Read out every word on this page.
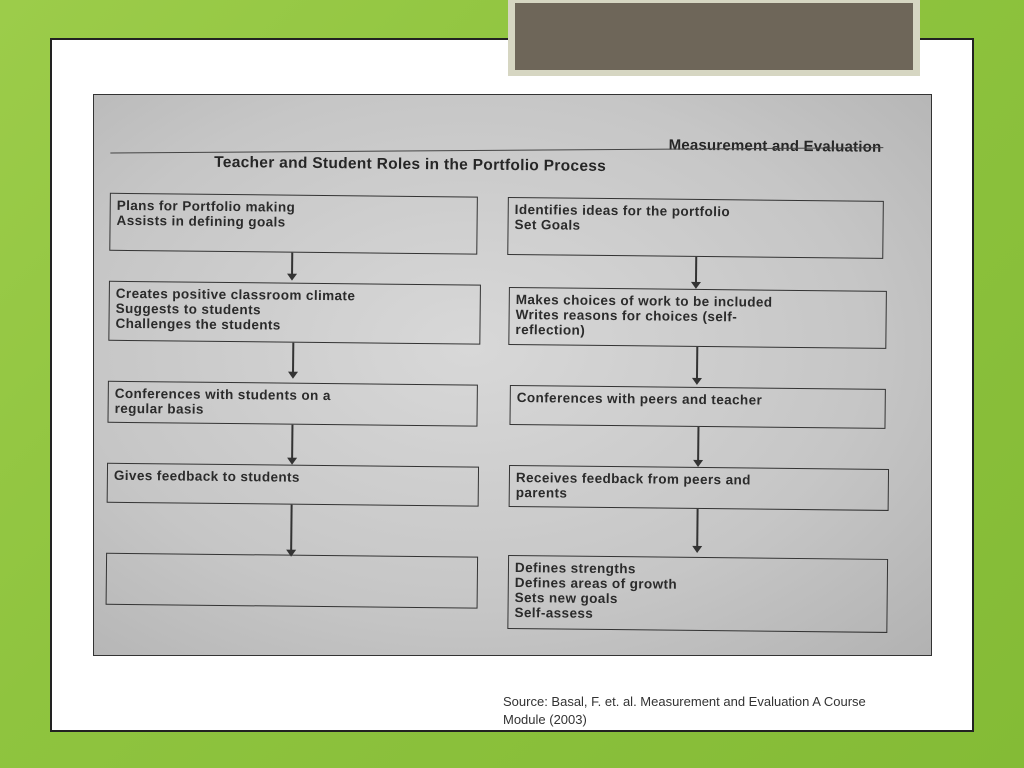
Measurement and Evaluation
Teacher and Student Roles in the Portfolio Process
Plans for Portfolio making
Assists in defining goals
Creates positive classroom climate
Suggests to students
Challenges the students
Conferences with students on a
regular basis
Gives feedback to students
Identifies ideas for the portfolio
Set Goals
Makes choices of work to be included
Writes reasons for choices (self-
reflection)
Conferences with peers and teacher
Receives feedback from peers and
parents
Defines strengths
Defines areas of growth
Sets new goals
Self-assess
Source: Basal, F. et. al. Measurement and Evaluation A Course
Module (2003)
